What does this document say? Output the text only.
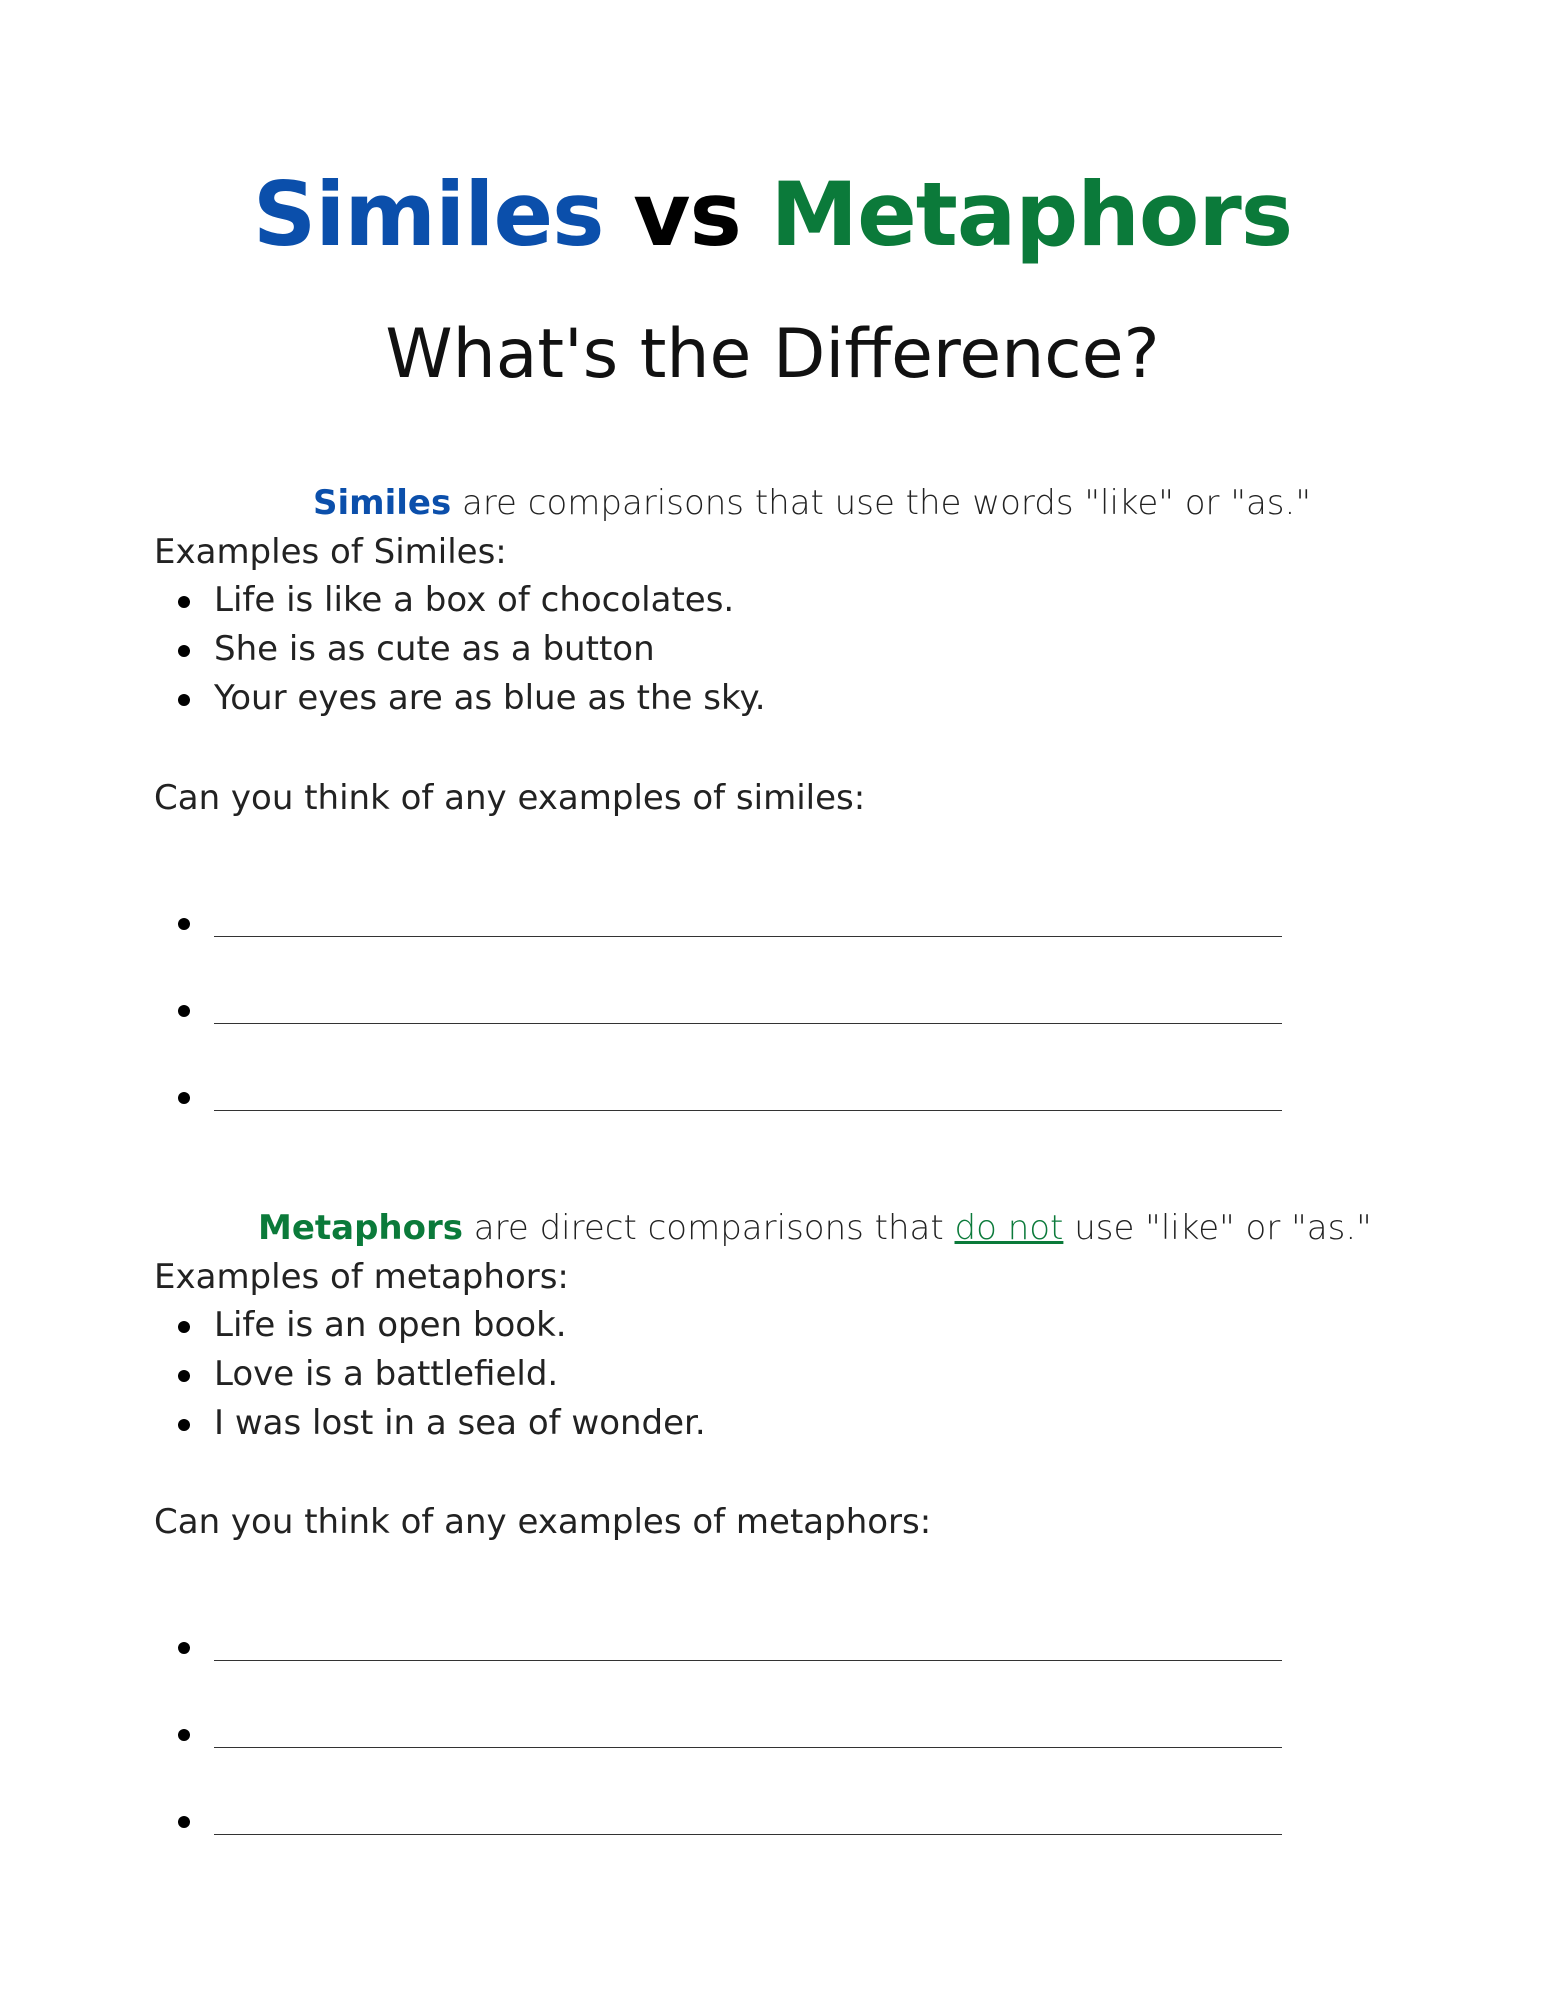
Similes vs Metaphors
What's the Difference?
Similes are comparisons that use the words "like" or "as."
Examples of Similes:
Life is like a box of chocolates.
She is as cute as a button
Your eyes are as blue as the sky.
Can you think of any examples of similes:
Metaphors are direct comparisons that do not use "like" or "as."
Examples of metaphors:
Life is an open book.
Love is a battlefield.
I was lost in a sea of wonder.
Can you think of any examples of metaphors:
